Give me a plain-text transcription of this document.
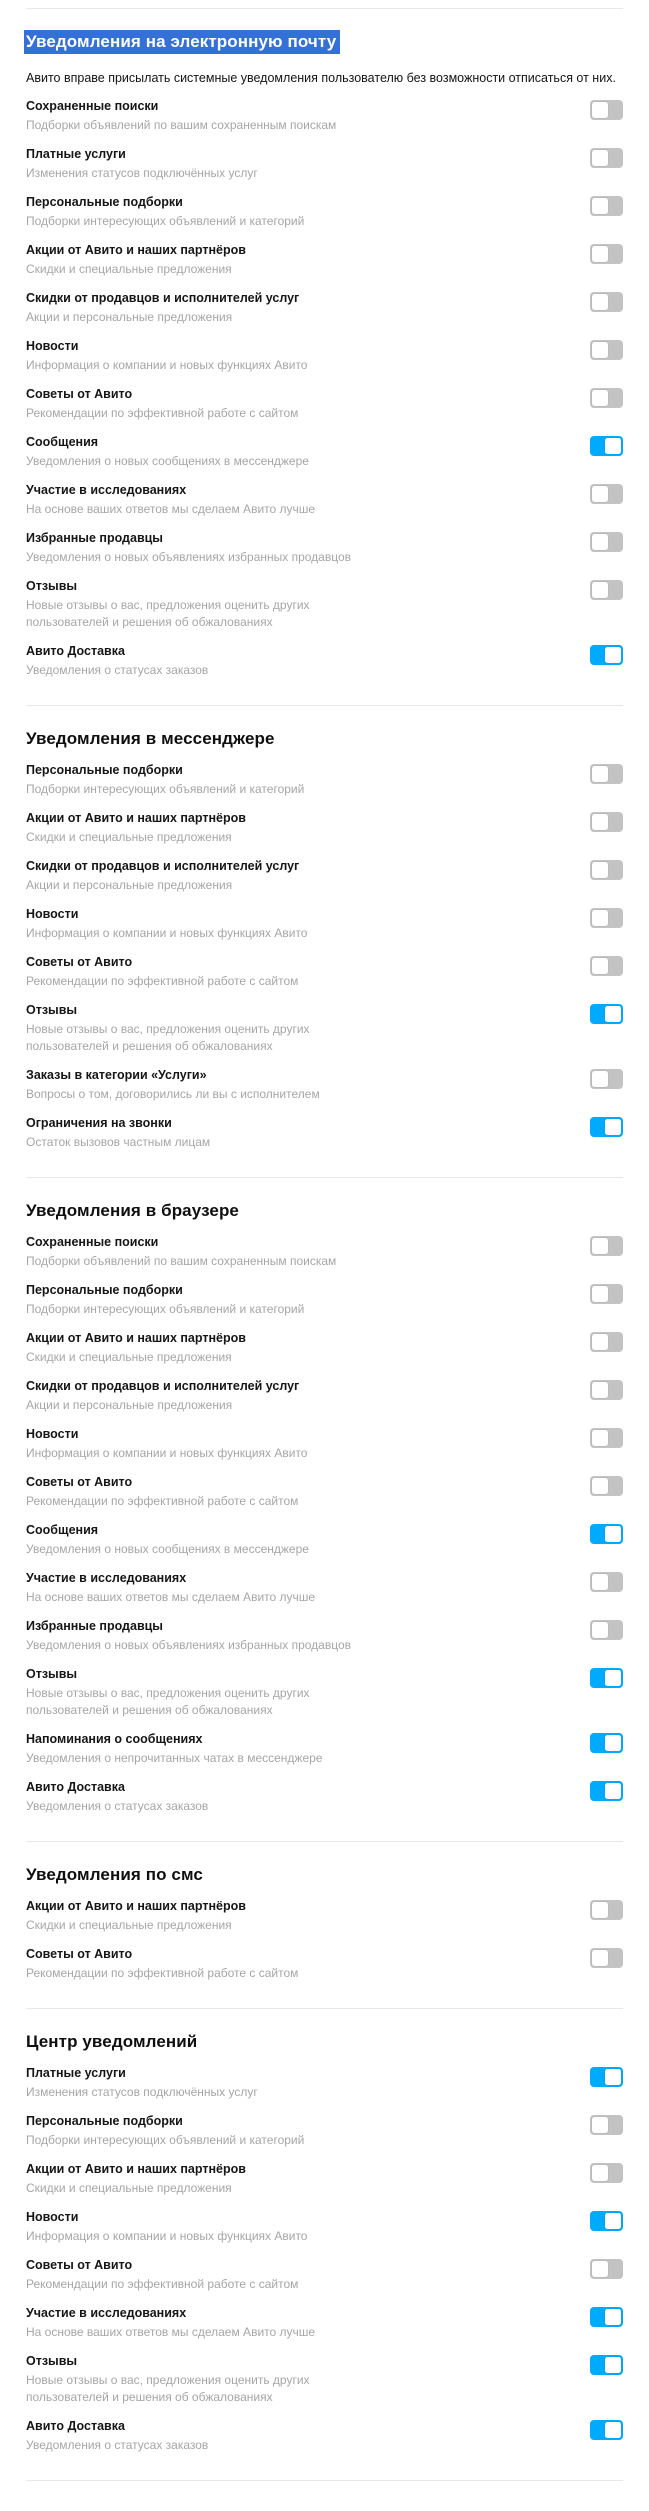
Уведомления на электронную почту

Авито вправе присылать системные уведомления пользователю без возможности отписаться от них.

Сохраненные поиски
Подборки объявлений по вашим сохраненным поискам
Платные услуги
Изменения статусов подключённых услуг
Персональные подборки
Подборки интересующих объявлений и категорий
Акции от Авито и наших партнёров
Скидки и специальные предложения
Скидки от продавцов и исполнителей услуг
Акции и персональные предложения
Новости
Информация о компании и новых функциях Авито
Советы от Авито
Рекомендации по эффективной работе с сайтом
Сообщения
Уведомления о новых сообщениях в мессенджере
Участие в исследованиях
На основе ваших ответов мы сделаем Авито лучше
Избранные продавцы
Уведомления о новых объявлениях избранных продавцов
Отзывы
Новые отзывы о вас, предложения оценить других пользователей и решения об обжалованиях
Авито Доставка
Уведомления о статусах заказов
Уведомления в мессенджере
Персональные подборки
Подборки интересующих объявлений и категорий
Акции от Авито и наших партнёров
Скидки и специальные предложения
Скидки от продавцов и исполнителей услуг
Акции и персональные предложения
Новости
Информация о компании и новых функциях Авито
Советы от Авито
Рекомендации по эффективной работе с сайтом
Отзывы
Новые отзывы о вас, предложения оценить других пользователей и решения об обжалованиях
Заказы в категории «Услуги»
Вопросы о том, договорились ли вы с исполнителем
Ограничения на звонки
Остаток вызовов частным лицам
Уведомления в браузере
Сохраненные поиски
Подборки объявлений по вашим сохраненным поискам
Персональные подборки
Подборки интересующих объявлений и категорий
Акции от Авито и наших партнёров
Скидки и специальные предложения
Скидки от продавцов и исполнителей услуг
Акции и персональные предложения
Новости
Информация о компании и новых функциях Авито
Советы от Авито
Рекомендации по эффективной работе с сайтом
Сообщения
Уведомления о новых сообщениях в мессенджере
Участие в исследованиях
На основе ваших ответов мы сделаем Авито лучше
Избранные продавцы
Уведомления о новых объявлениях избранных продавцов
Отзывы
Новые отзывы о вас, предложения оценить других пользователей и решения об обжалованиях
Напоминания о сообщениях
Уведомления о непрочитанных чатах в мессенджере
Авито Доставка
Уведомления о статусах заказов
Уведомления по смс
Акции от Авито и наших партнёров
Скидки и специальные предложения
Советы от Авито
Рекомендации по эффективной работе с сайтом
Центр уведомлений
Платные услуги
Изменения статусов подключённых услуг
Персональные подборки
Подборки интересующих объявлений и категорий
Акции от Авито и наших партнёров
Скидки и специальные предложения
Новости
Информация о компании и новых функциях Авито
Советы от Авито
Рекомендации по эффективной работе с сайтом
Участие в исследованиях
На основе ваших ответов мы сделаем Авито лучше
Отзывы
Новые отзывы о вас, предложения оценить других пользователей и решения об обжалованиях
Авито Доставка
Уведомления о статусах заказов
